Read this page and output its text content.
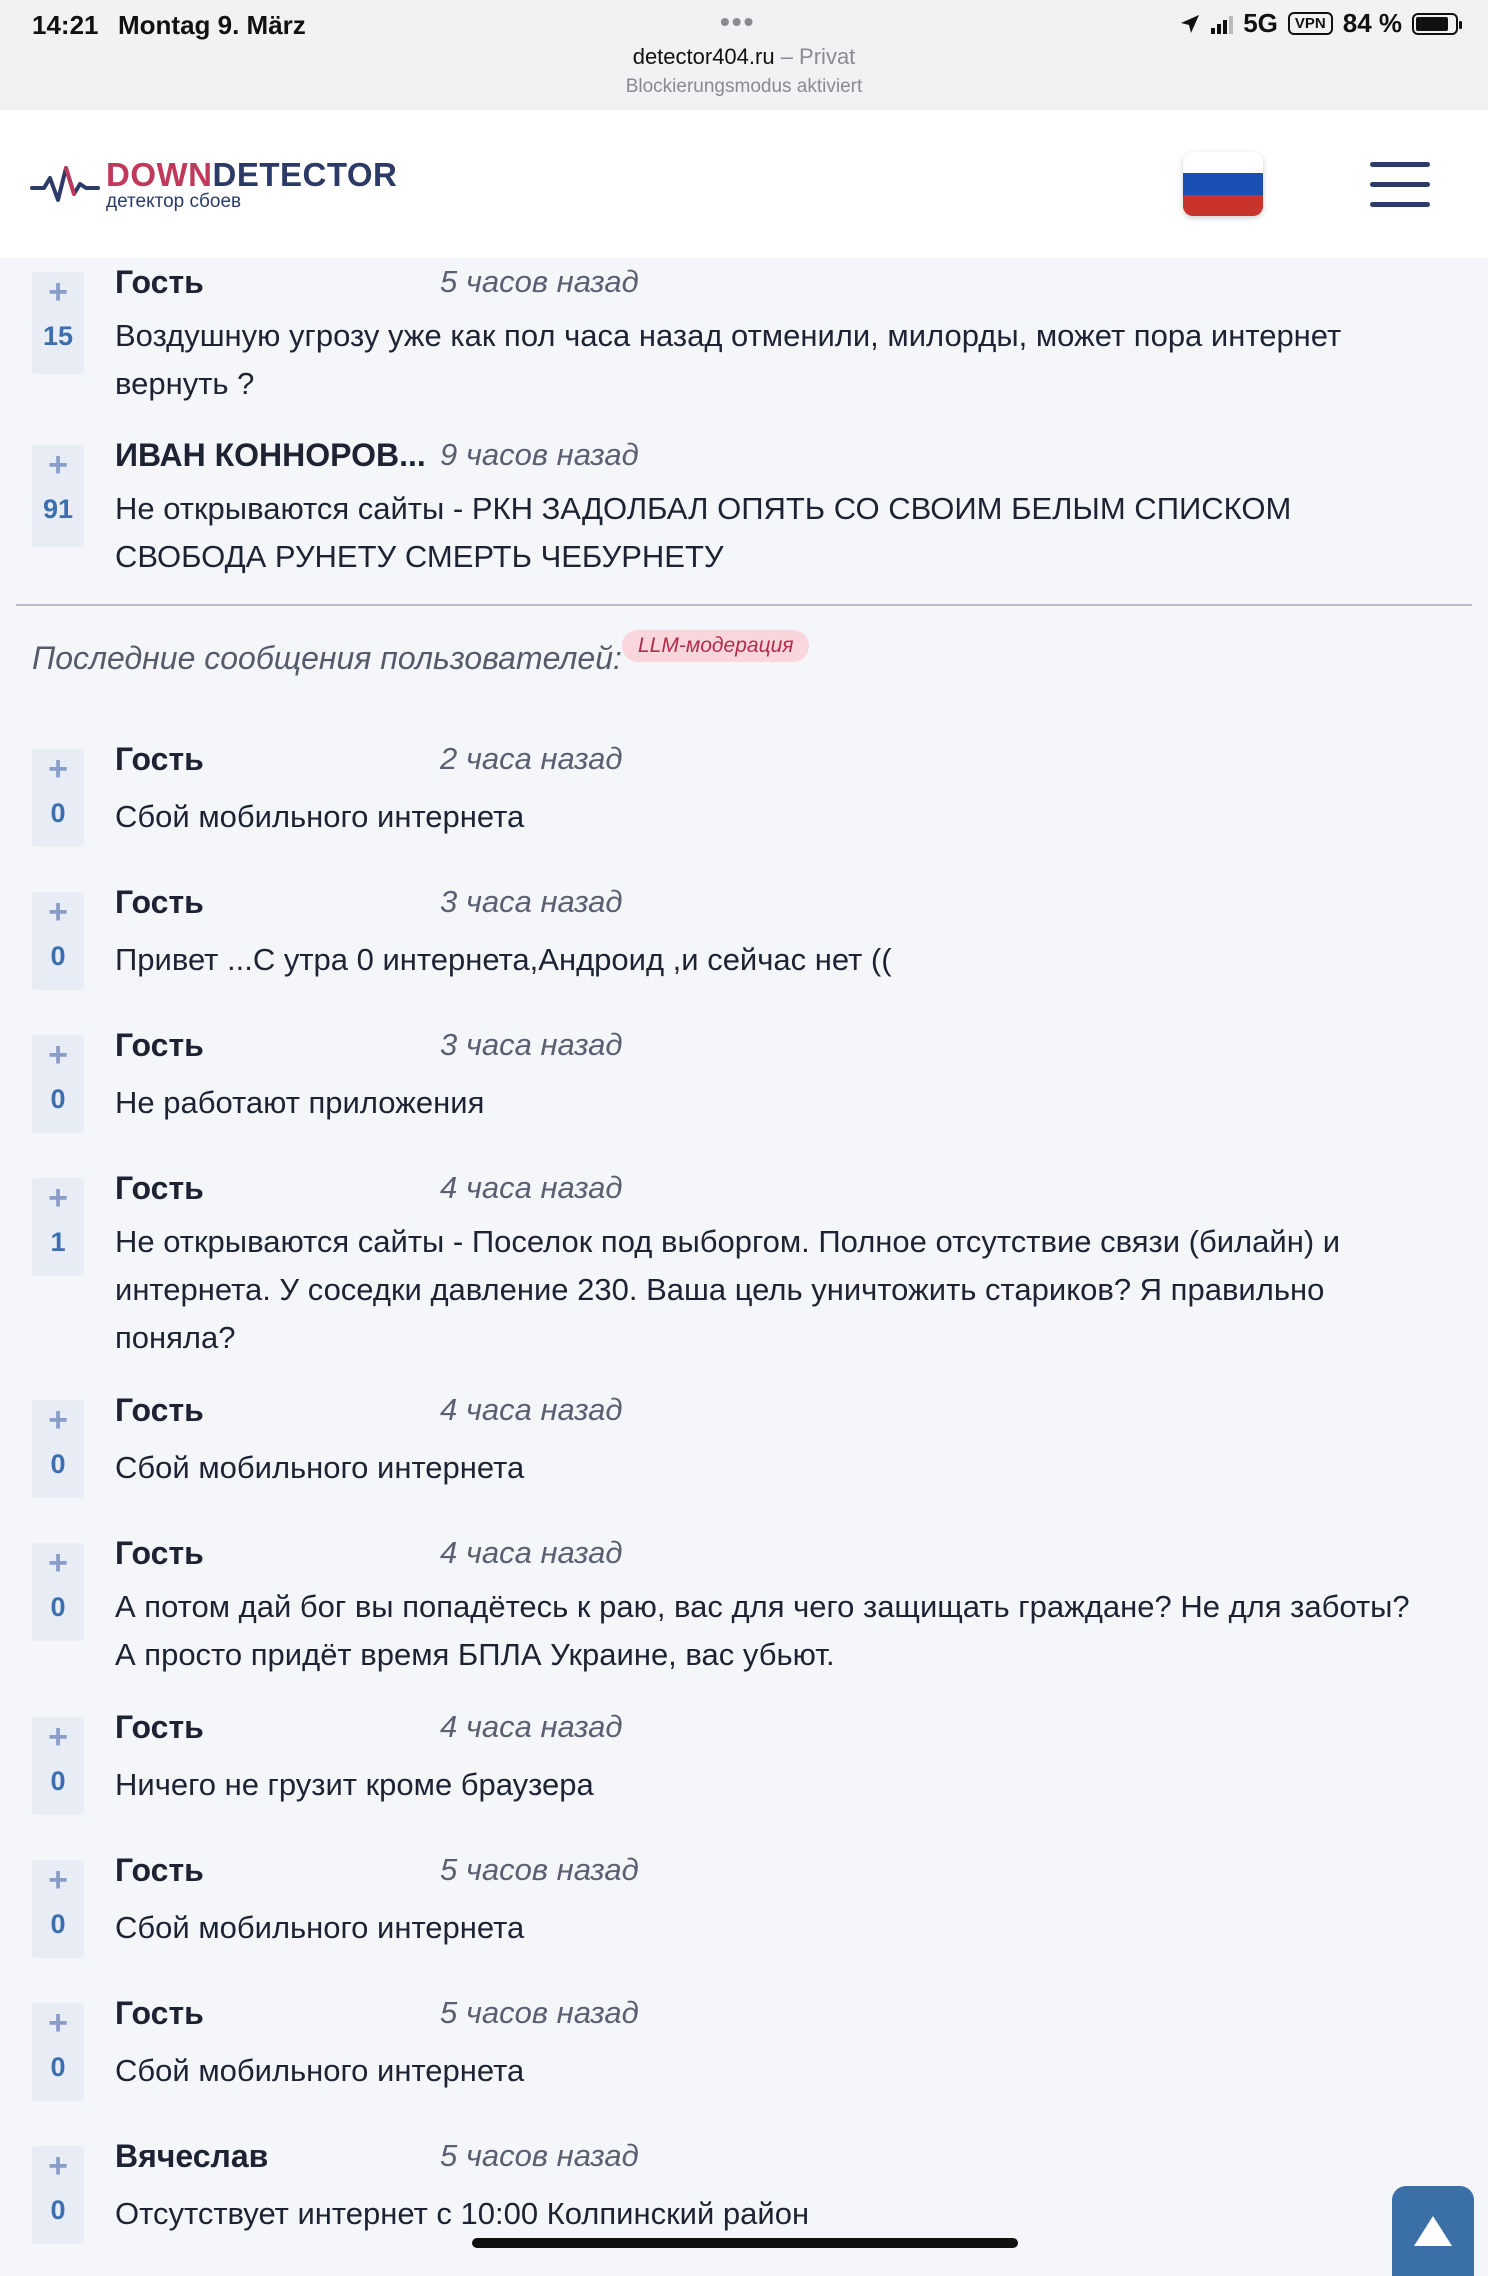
14:21 Montag 9. März	•••
detector404.ru – Privat
Blockierungsmodus aktiviert
5G	VPN 84 %
DOWNDETECTOR
детектор сбоев
+
15
Гость	5 часов назад
Воздушную угрозу уже как пол часа назад отменили, милорды, может пора интернет вернуть ?
+
91
ИВАН КОННОРОВ... 9 часов назад
Не открываются сайты - РКН ЗАДОЛБАЛ ОПЯТЬ СО СВОИМ БЕЛЫМ СПИСКОМ СВОБОДА РУНЕТУ СМЕРТЬ ЧЕБУРНЕТУ
Последние сообщения пользователей: LLM-модерация
+
0
Гость	2 часа назад
Сбой мобильного интернета
+
0
Гость	3 часа назад
Привет ...С утра 0 интернета,Андроид ,и сейчас нет ((
+
0
Гость	3 часа назад
Не работают приложения
+
1
Гость	4 часа назад
Не открываются сайты - Поселок под выборгом. Полное отсутствие связи (билайн) и интернета. У соседки давление 230. Ваша цель уничтожить стариков? Я правильно поняла?
+
0
Гость	4 часа назад
Сбой мобильного интернета
+
0
Гость	4 часа назад
А потом дай бог вы попадётесь к раю, вас для чего защищать граждане? Не для заботы? А просто придёт время БПЛА Украине, вас убьют.
+
0
Гость	4 часа назад
Ничего не грузит кроме браузера
+
0
Гость	5 часов назад
Сбой мобильного интернета
+
0
Гость	5 часов назад
Сбой мобильного интернета
+
0
Вячеслав	5 часов назад
Отсутствует интернет с 10:00 Колпинский район
